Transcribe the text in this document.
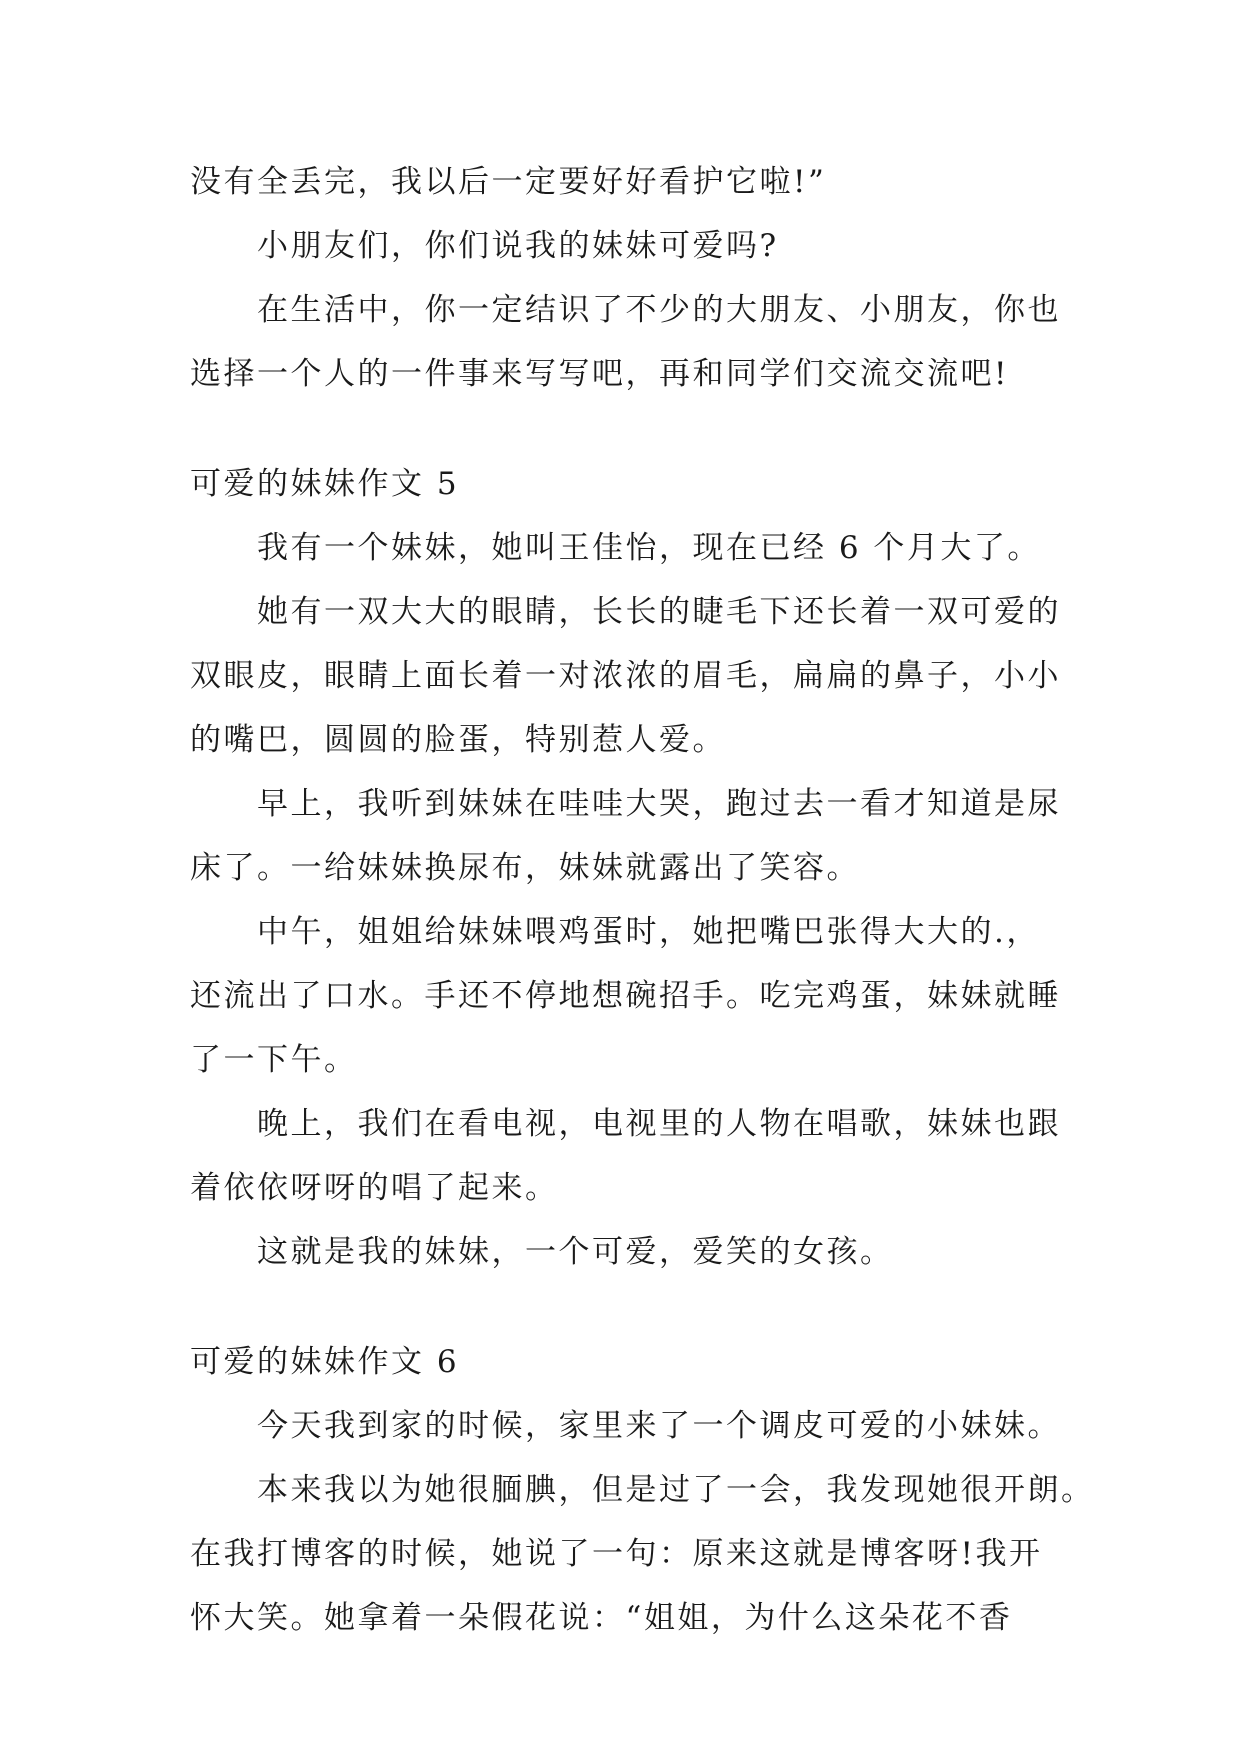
没有全丢完，我以后一定要好好看护它啦!”
小朋友们，你们说我的妹妹可爱吗?
在生活中，你一定结识了不少的大朋友、小朋友，你也
选择一个人的一件事来写写吧，再和同学们交流交流吧!
可爱的妹妹作文 5
我有一个妹妹，她叫王佳怡，现在已经 6 个月大了。
她有一双大大的眼睛，长长的睫毛下还长着一双可爱的
双眼皮，眼睛上面长着一对浓浓的眉毛，扁扁的鼻子，小小
的嘴巴，圆圆的脸蛋，特别惹人爱。
早上，我听到妹妹在哇哇大哭，跑过去一看才知道是尿
床了。一给妹妹换尿布，妹妹就露出了笑容。
中午，姐姐给妹妹喂鸡蛋时，她把嘴巴张得大大的.，
还流出了口水。手还不停地想碗招手。吃完鸡蛋，妹妹就睡
了一下午。
晚上，我们在看电视，电视里的人物在唱歌，妹妹也跟
着依依呀呀的唱了起来。
这就是我的妹妹，一个可爱，爱笑的女孩。
可爱的妹妹作文 6
今天我到家的时候，家里来了一个调皮可爱的小妹妹。
本来我以为她很腼腆，但是过了一会，我发现她很开朗。
在我打博客的时候，她说了一句：原来这就是博客呀!我开
怀大笑。她拿着一朵假花说：“姐姐，为什么这朵花不香
